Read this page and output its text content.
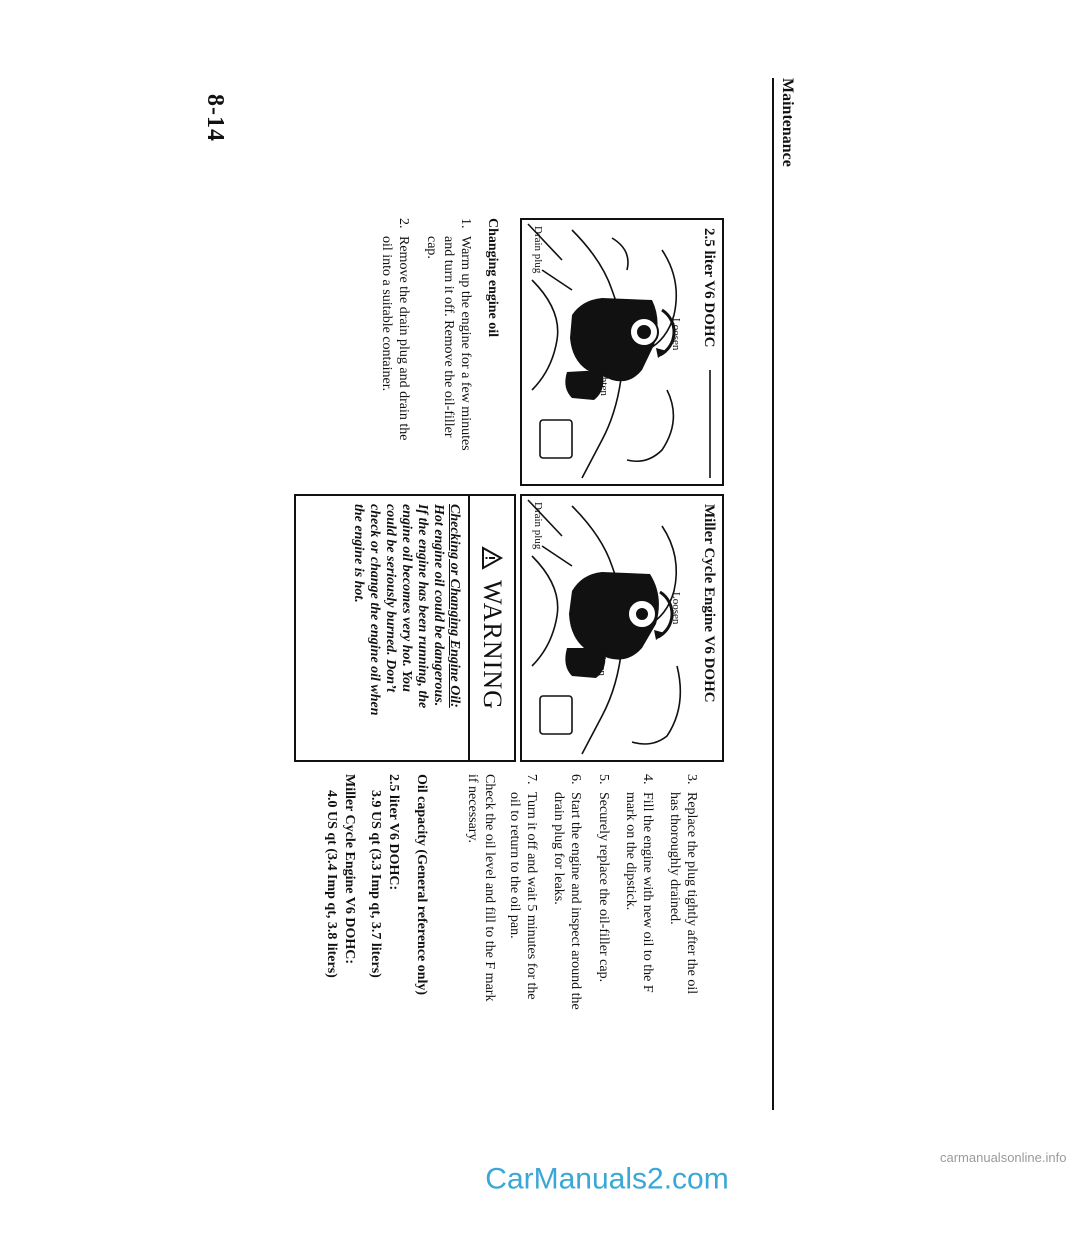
Maintenance
8-14
2.5 liter V6 DOHC
Loosen
Tighten
Drain plug
Miller Cycle Engine V6 DOHC
Loosen
Tighten
Drain plug
Changing engine oil
1.
Warm up the engine for a few minutes
and turn it off. Remove the oil-filler
cap.
2.
Remove the drain plug and drain the
oil into a suitable container.
WARNING
Checking or Changing Engine Oil:
Hot engine oil could be dangerous.
If the engine has been running, the
engine oil becomes very hot. You
could be seriously burned. Don’t
check or change the engine oil when
the engine is hot.
3.
Replace the plug tightly after the oil
has thoroughly drained.
4.
Fill the engine with new oil to the F
mark on the dipstick.
5.
Securely replace the oil-filler cap.
6.
Start the engine and inspect around the
drain plug for leaks.
7.
Turn it off and wait 5 minutes for the
oil to return to the oil pan.
Check the oil level and fill to the F mark
if necessary.
Oil capacity (General reference only)
2.5 liter V6 DOHC:
3.9 US qt (3.3 Imp qt, 3.7 liters)
Miller Cycle Engine V6 DOHC:
4.0 US qt (3.4 Imp qt, 3.8 liters)
CarManuals2.com
carmanualsonline.info
